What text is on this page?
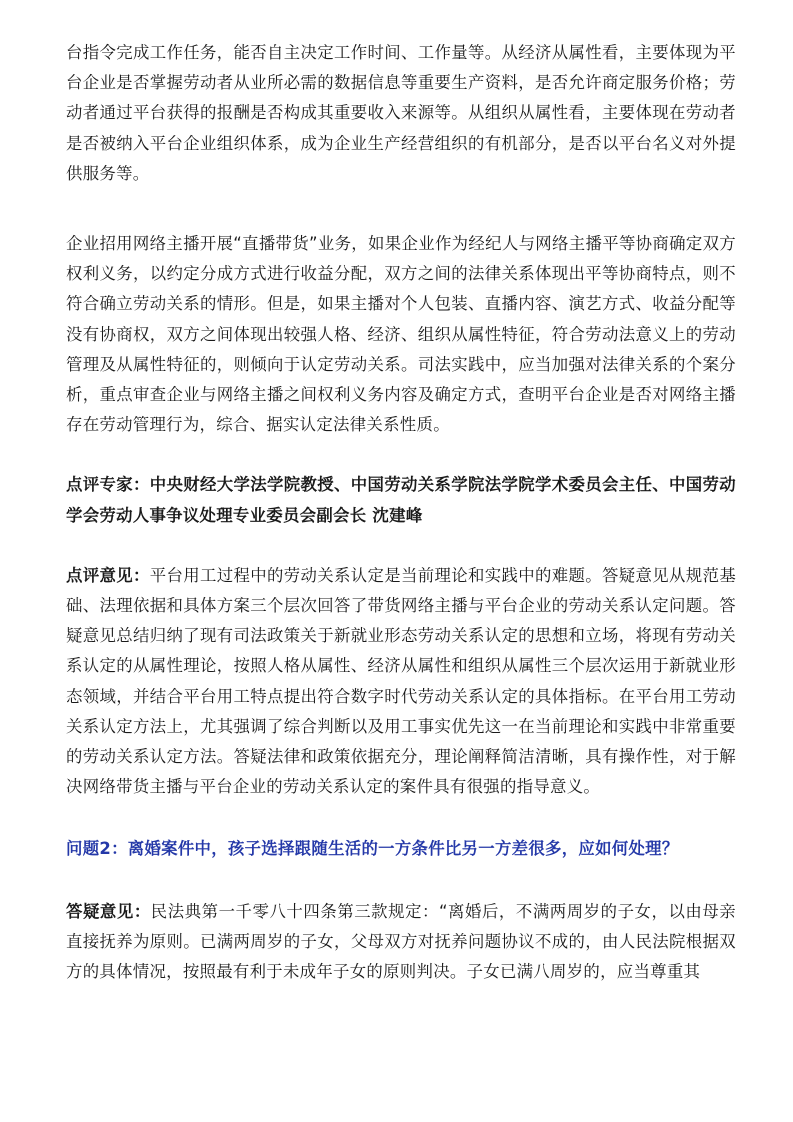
台指令完成工作任务，能否自主决定工作时间、工作量等。从经济从属性看，主要体现为平台企业是否掌握劳动者从业所必需的数据信息等重要生产资料，是否允许商定服务价格；劳动者通过平台获得的报酬是否构成其重要收入来源等。从组织从属性看，主要体现在劳动者是否被纳入平台企业组织体系，成为企业生产经营组织的有机部分，是否以平台名义对外提供服务等。

企业招用网络主播开展“直播带货”业务，如果企业作为经纪人与网络主播平等协商确定双方权利义务，以约定分成方式进行收益分配，双方之间的法律关系体现出平等协商特点，则不符合确立劳动关系的情形。但是，如果主播对个人包装、直播内容、演艺方式、收益分配等没有协商权，双方之间体现出较强人格、经济、组织从属性特征，符合劳动法意义上的劳动管理及从属性特征的，则倾向于认定劳动关系。司法实践中，应当加强对法律关系的个案分析，重点审查企业与网络主播之间权利义务内容及确定方式，查明平台企业是否对网络主播存在劳动管理行为，综合、据实认定法律关系性质。

点评专家：中央财经大学法学院教授、中国劳动关系学院法学院学术委员会主任、中国劳动学会劳动人事争议处理专业委员会副会长 沈建峰

点评意见：平台用工过程中的劳动关系认定是当前理论和实践中的难题。答疑意见从规范基础、法理依据和具体方案三个层次回答了带货网络主播与平台企业的劳动关系认定问题。答疑意见总结归纳了现有司法政策关于新就业形态劳动关系认定的思想和立场，将现有劳动关系认定的从属性理论，按照人格从属性、经济从属性和组织从属性三个层次运用于新就业形态领域，并结合平台用工特点提出符合数字时代劳动关系认定的具体指标。在平台用工劳动关系认定方法上，尤其强调了综合判断以及用工事实优先这一在当前理论和实践中非常重要的劳动关系认定方法。答疑法律和政策依据充分，理论阐释简洁清晰，具有操作性，对于解决网络带货主播与平台企业的劳动关系认定的案件具有很强的指导意义。

问题2：离婚案件中，孩子选择跟随生活的一方条件比另一方差很多，应如何处理？

答疑意见：民法典第一千零八十四条第三款规定：“离婚后，不满两周岁的子女，以由母亲直接抚养为原则。已满两周岁的子女，父母双方对抚养问题协议不成的，由人民法院根据双方的具体情况，按照最有利于未成年子女的原则判决。子女已满八周岁的，应当尊重其
